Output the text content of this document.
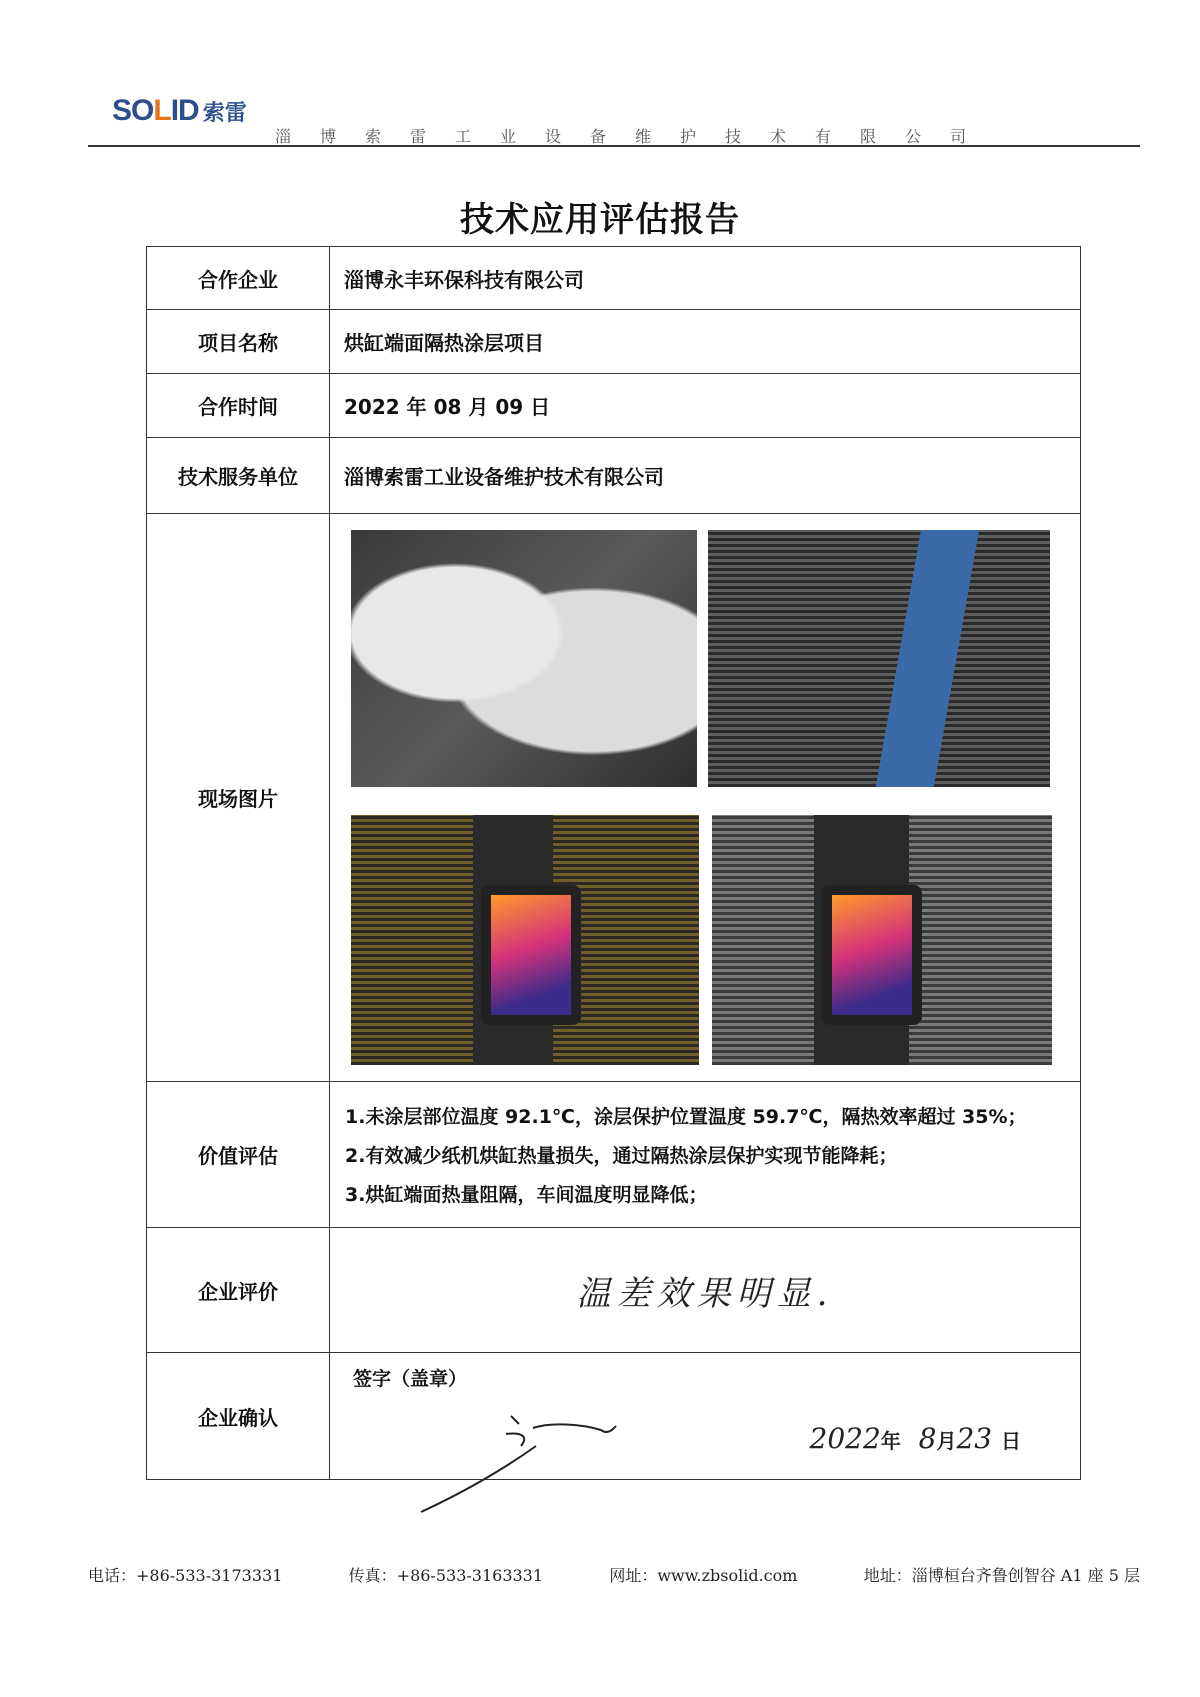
SOLID 索雷
淄博索雷工业设备维护技术有限公司
技术应用评估报告
合作企业	淄博永丰环保科技有限公司
项目名称	烘缸端面隔热涂层项目
合作时间	2022 年 08 月 09 日
技术服务单位	淄博索雷工业设备维护技术有限公司
现场图片	

价值评估	1.未涂层部位温度 92.1℃，涂层保护位置温度 59.7℃，隔热效率超过 35%；
2.有效减少纸机烘缸热量损失，通过隔热涂层保护实现节能降耗；
3.烘缸端面热量阻隔，车间温度明显降低；

企业评价	温差效果明显.
企业确认	签字（盖章）
2022年 8月23 日
电话：+86-533-3173331	传真：+86-533-3163331	网址：www.zbsolid.com	地址：淄博桓台齐鲁创智谷 A1 座 5 层
